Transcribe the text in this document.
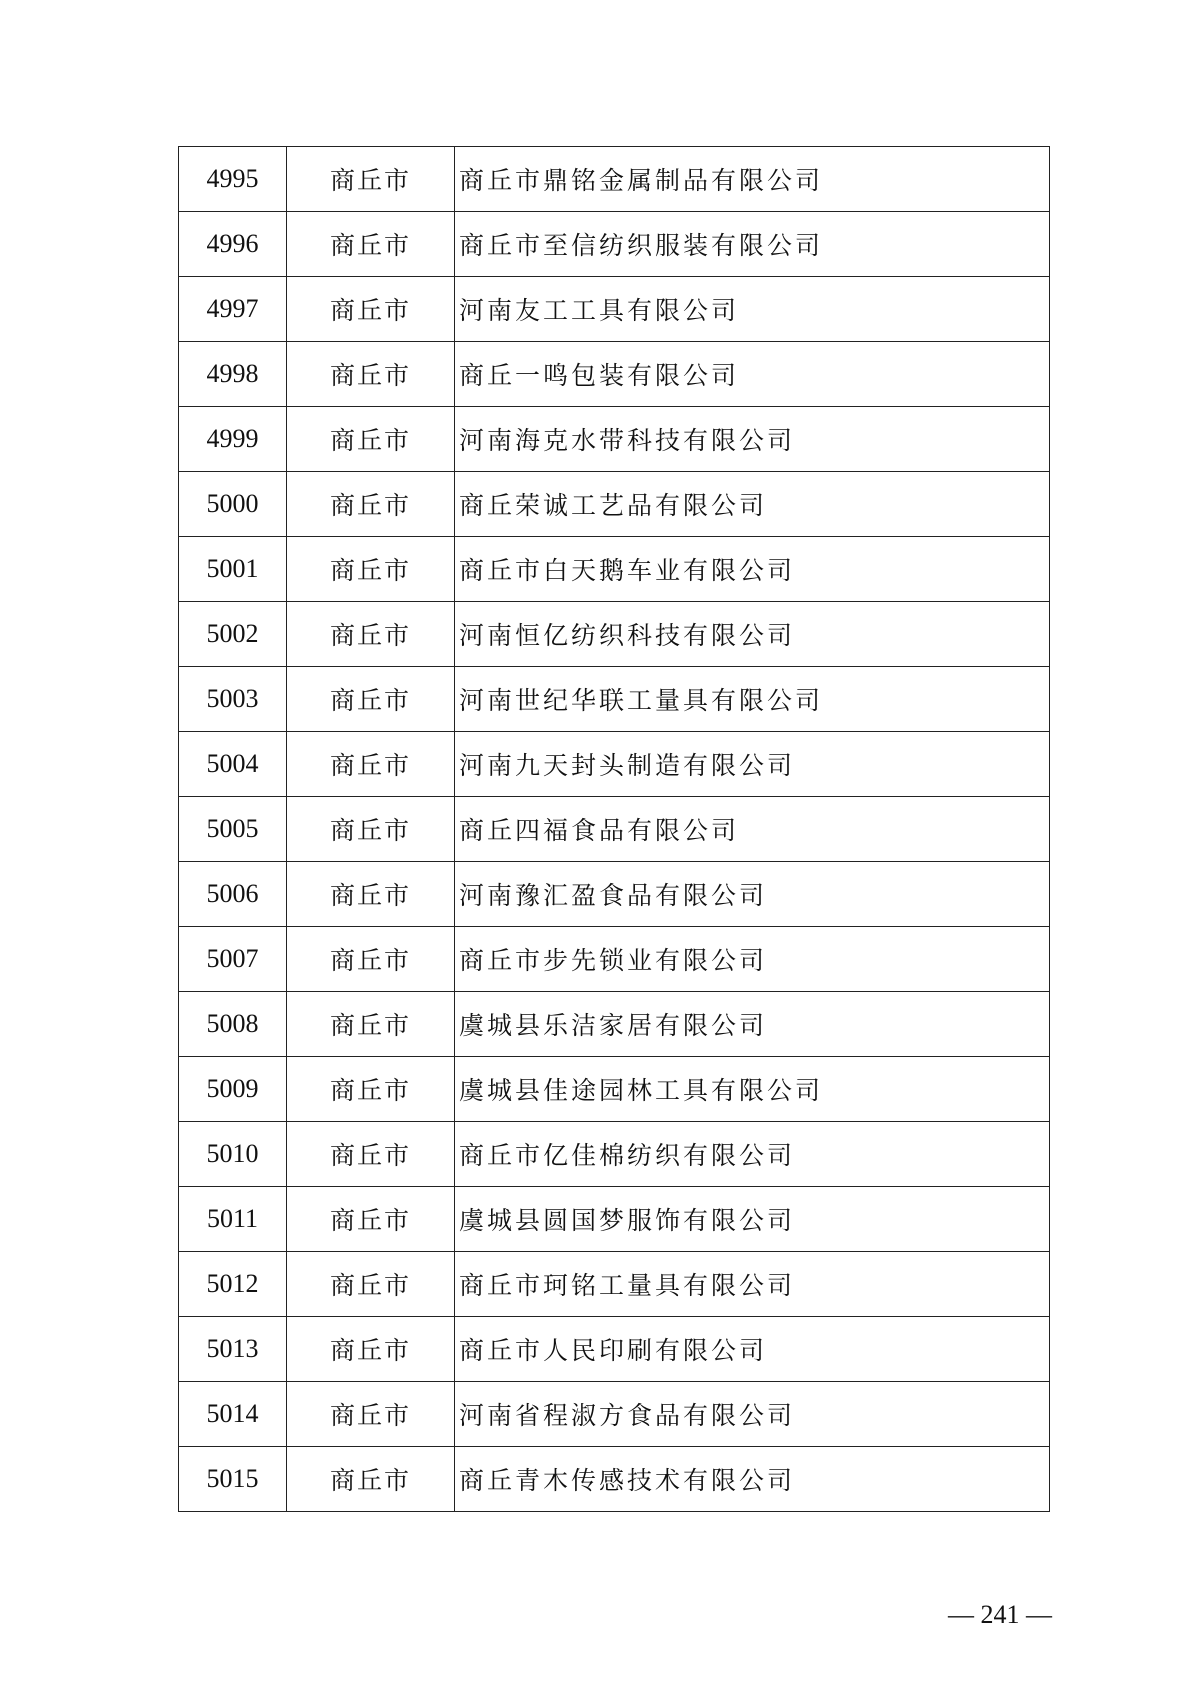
4995	商丘市	商丘市鼎铭金属制品有限公司
4996	商丘市	商丘市至信纺织服装有限公司
4997	商丘市	河南友工工具有限公司
4998	商丘市	商丘一鸣包装有限公司
4999	商丘市	河南海克水带科技有限公司
5000	商丘市	商丘荣诚工艺品有限公司
5001	商丘市	商丘市白天鹅车业有限公司
5002	商丘市	河南恒亿纺织科技有限公司
5003	商丘市	河南世纪华联工量具有限公司
5004	商丘市	河南九天封头制造有限公司
5005	商丘市	商丘四福食品有限公司
5006	商丘市	河南豫汇盈食品有限公司
5007	商丘市	商丘市步先锁业有限公司
5008	商丘市	虞城县乐洁家居有限公司
5009	商丘市	虞城县佳途园林工具有限公司
5010	商丘市	商丘市亿佳棉纺织有限公司
5011	商丘市	虞城县圆国梦服饰有限公司
5012	商丘市	商丘市珂铭工量具有限公司
5013	商丘市	商丘市人民印刷有限公司
5014	商丘市	河南省程淑方食品有限公司
5015	商丘市	商丘青木传感技术有限公司
— 241 —
